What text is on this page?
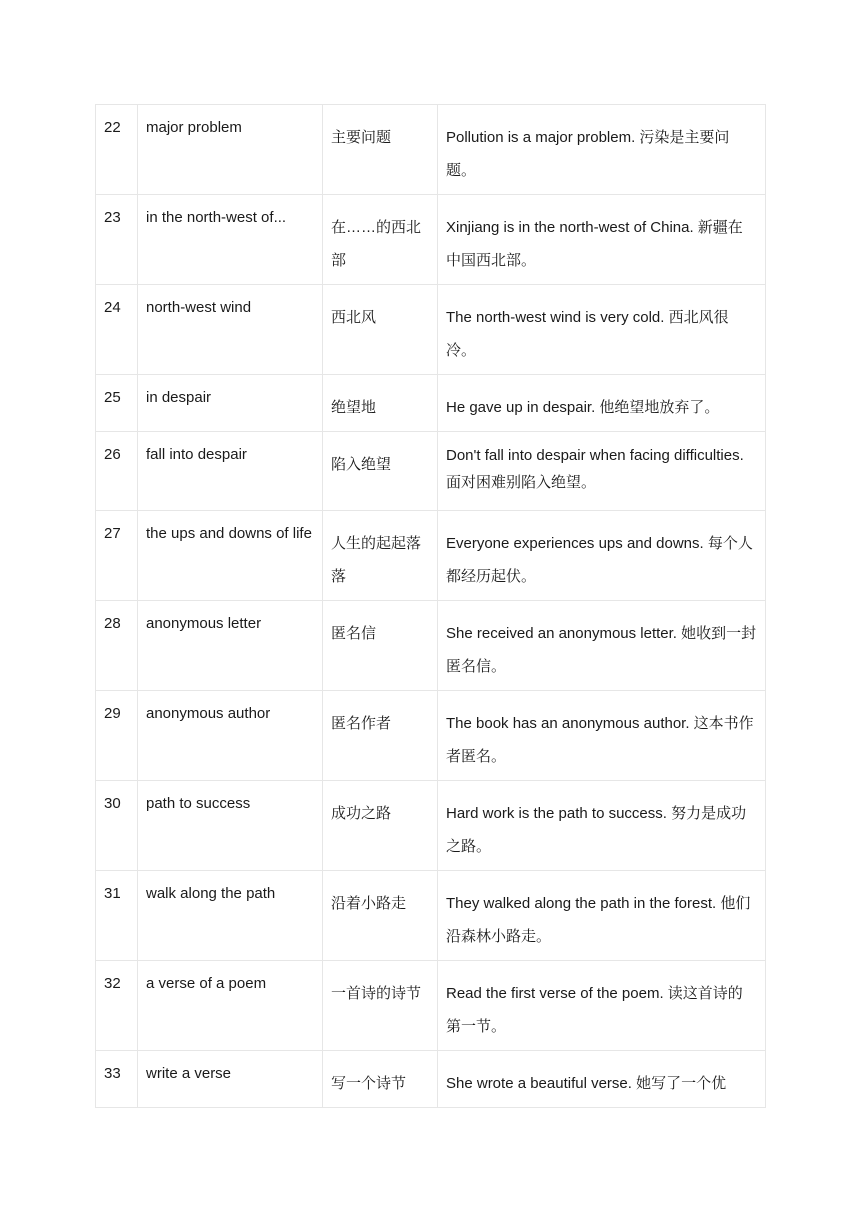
22	major problem	主要问题	Pollution is a major problem. 污染是主要问题。
23	in the north-west of...	在……的西北部	Xinjiang is in the north-west of China. 新疆在中国西北部。
24	north-west wind	西北风	The north-west wind is very cold. 西北风很冷。
25	in despair	绝望地	He gave up in despair. 他绝望地放弃了。
26	fall into despair	陷入绝望	Don't fall into despair when facing difficulties. 面对困难别陷入绝望。
27	the ups and downs of life	人生的起起落落	Everyone experiences ups and downs. 每个人都经历起伏。
28	anonymous letter	匿名信	She received an anonymous letter. 她收到一封匿名信。
29	anonymous author	匿名作者	The book has an anonymous author. 这本书作者匿名。
30	path to success	成功之路	Hard work is the path to success. 努力是成功之路。
31	walk along the path	沿着小路走	They walked along the path in the forest. 他们沿森林小路走。
32	a verse of a poem	一首诗的诗节	Read the first verse of the poem. 读这首诗的第一节。
33	write a verse	写一个诗节	She wrote a beautiful verse. 她写了一个优
